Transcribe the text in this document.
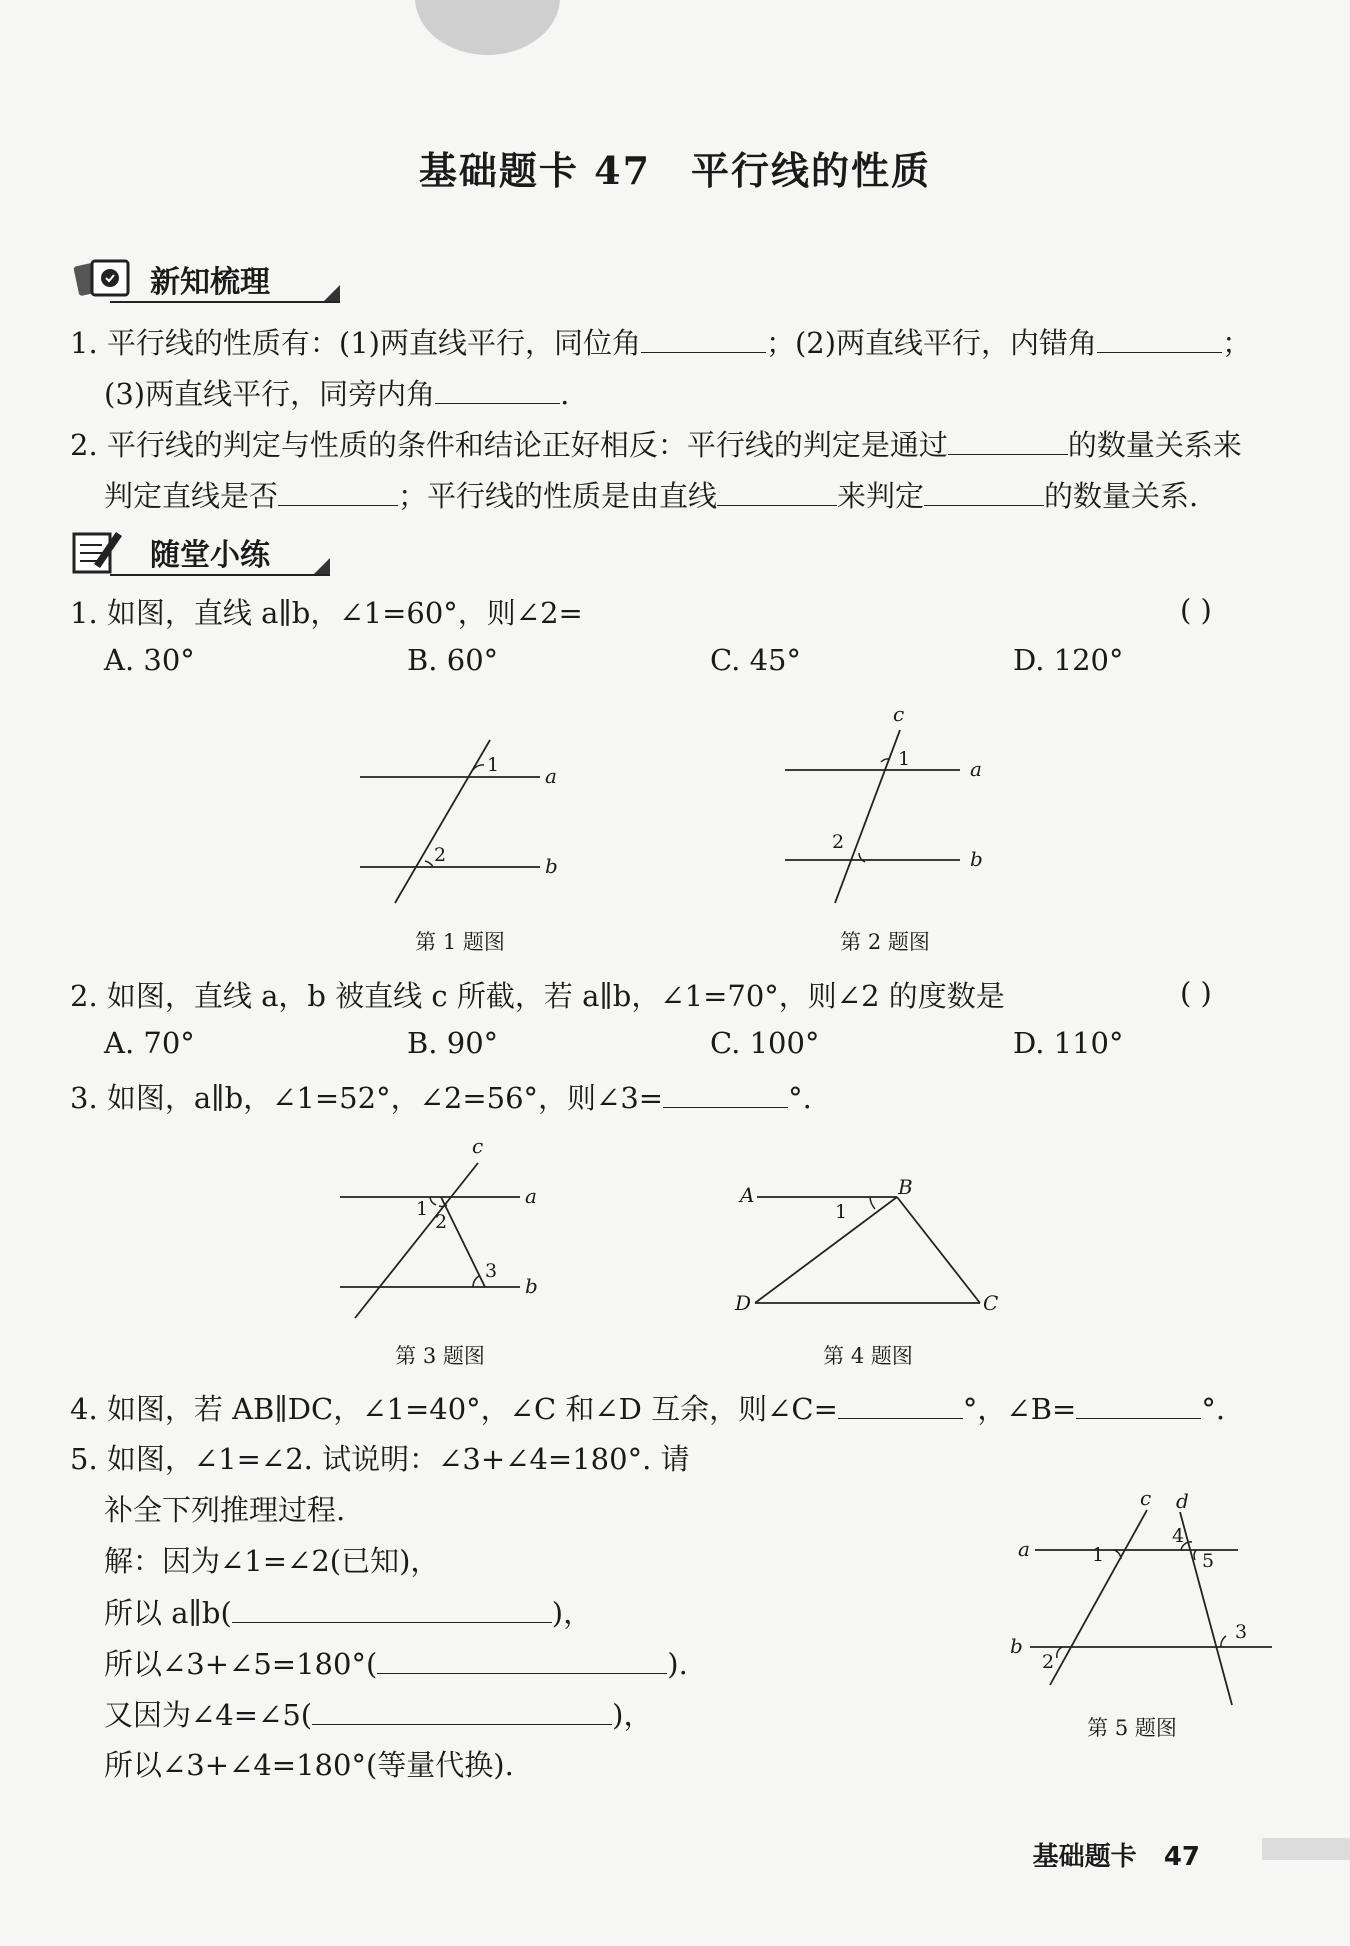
基础题卡 47 平行线的性质
新知梳理
1. 平行线的性质有：(1)两直线平行，同位角	；(2)两直线平行，内错角	；
(3)两直线平行，同旁内角	.
2. 平行线的判定与性质的条件和结论正好相反：平行线的判定是通过	的数量关系来
判定直线是否	；平行线的性质是由直线	来判定	的数量关系.
随堂小练
1. 如图，直线 a∥b，∠1=60°，则∠2=	( )
A. 30°	B. 60°	C. 45°	D. 120°
1
2
a
b
第 1 题图
c
1
2
a
b
第 2 题图
2. 如图，直线 a，b 被直线 c 所截，若 a∥b，∠1=70°，则∠2 的度数是	( )
A. 70°	B. 90°	C. 100°	D. 110°
3. 如图，a∥b，∠1=52°，∠2=56°，则∠3=	°.
c
1
2
3
a
b
第 3 题图
A	B
D	C
1
第 4 题图
4. 如图，若 AB∥DC，∠1=40°，∠C 和∠D 互余，则∠C=	°，∠B=	°.
5. 如图，∠1=∠2. 试说明：∠3+∠4=180°. 请
补全下列推理过程.
解：因为∠1=∠2(已知)，
所以 a∥b(	)，
所以∠3+∠5=180°(	).
又因为∠4=∠5(	)，
所以∠3+∠4=180°(等量代换).
c d
a
b
1
2
3
4
5
第 5 题图
基础题卡 47
